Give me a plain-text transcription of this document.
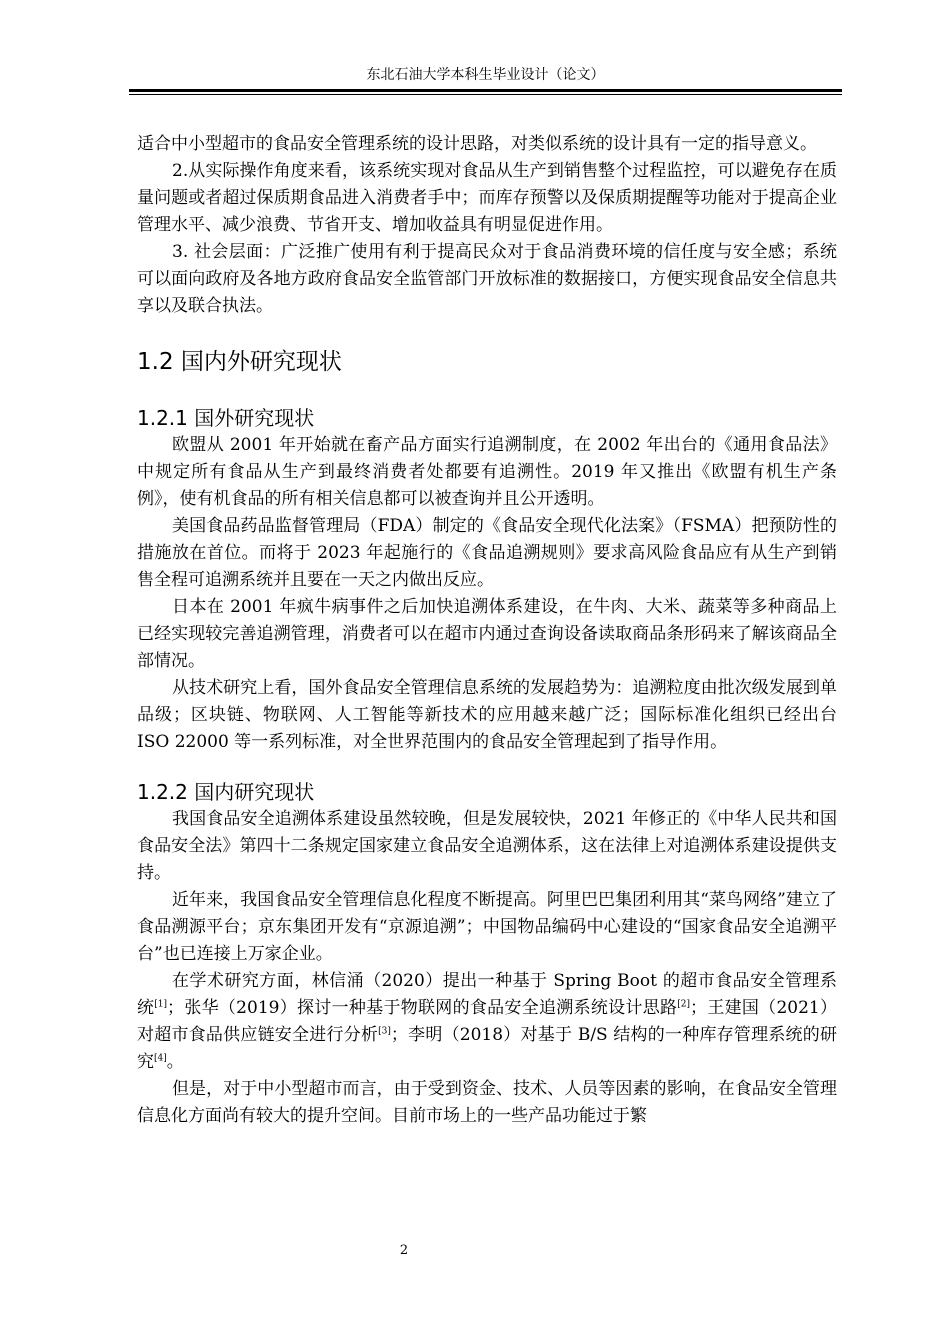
东北石油大学本科生毕业设计（论文）

适合中小型超市的食品安全管理系统的设计思路，对类似系统的设计具有一定的指导意义。

2.从实际操作角度来看，该系统实现对食品从生产到销售整个过程监控，可以避免存在质量问题或者超过保质期食品进入消费者手中；而库存预警以及保质期提醒等功能对于提高企业管理水平、减少浪费、节省开支、增加收益具有明显促进作用。

3. 社会层面：广泛推广使用有利于提高民众对于食品消费环境的信任度与安全感；系统可以面向政府及各地方政府食品安全监管部门开放标准的数据接口，方便实现食品安全信息共享以及联合执法。

1.2 国内外研究现状
1.2.1 国外研究现状

欧盟从 2001 年开始就在畜产品方面实行追溯制度，在 2002 年出台的《通用食品法》中规定所有食品从生产到最终消费者处都要有追溯性。2019 年又推出《欧盟有机生产条例》，使有机食品的所有相关信息都可以被查询并且公开透明。

美国食品药品监督管理局（FDA）制定的《食品安全现代化法案》（FSMA）把预防性的措施放在首位。而将于 2023 年起施行的《食品追溯规则》要求高风险食品应有从生产到销售全程可追溯系统并且要在一天之内做出反应。

日本在 2001 年疯牛病事件之后加快追溯体系建设，在牛肉、大米、蔬菜等多种商品上已经实现较完善追溯管理，消费者可以在超市内通过查询设备读取商品条形码来了解该商品全部情况。

从技术研究上看，国外食品安全管理信息系统的发展趋势为：追溯粒度由批次级发展到单品级；区块链、物联网、人工智能等新技术的应用越来越广泛；国际标准化组织已经出台 ISO 22000 等一系列标准，对全世界范围内的食品安全管理起到了指导作用。

1.2.2 国内研究现状

我国食品安全追溯体系建设虽然较晚，但是发展较快，2021 年修正的《中华人民共和国食品安全法》第四十二条规定国家建立食品安全追溯体系，这在法律上对追溯体系建设提供支持。

近年来，我国食品安全管理信息化程度不断提高。阿里巴巴集团利用其“菜鸟网络”建立了食品溯源平台；京东集团开发有“京源追溯”；中国物品编码中心建设的“国家食品安全追溯平台”也已连接上万家企业。

在学术研究方面，林信涌（2020）提出一种基于 Spring Boot 的超市食品安全管理系统[1]；张华（2019）探讨一种基于物联网的食品安全追溯系统设计思路[2]；王建国（2021）对超市食品供应链安全进行分析[3]；李明（2018）对基于 B/S 结构的一种库存管理系统的研究[4]。

但是，对于中小型超市而言，由于受到资金、技术、人员等因素的影响，在食品安全管理信息化方面尚有较大的提升空间。目前市场上的一些产品功能过于繁

2
